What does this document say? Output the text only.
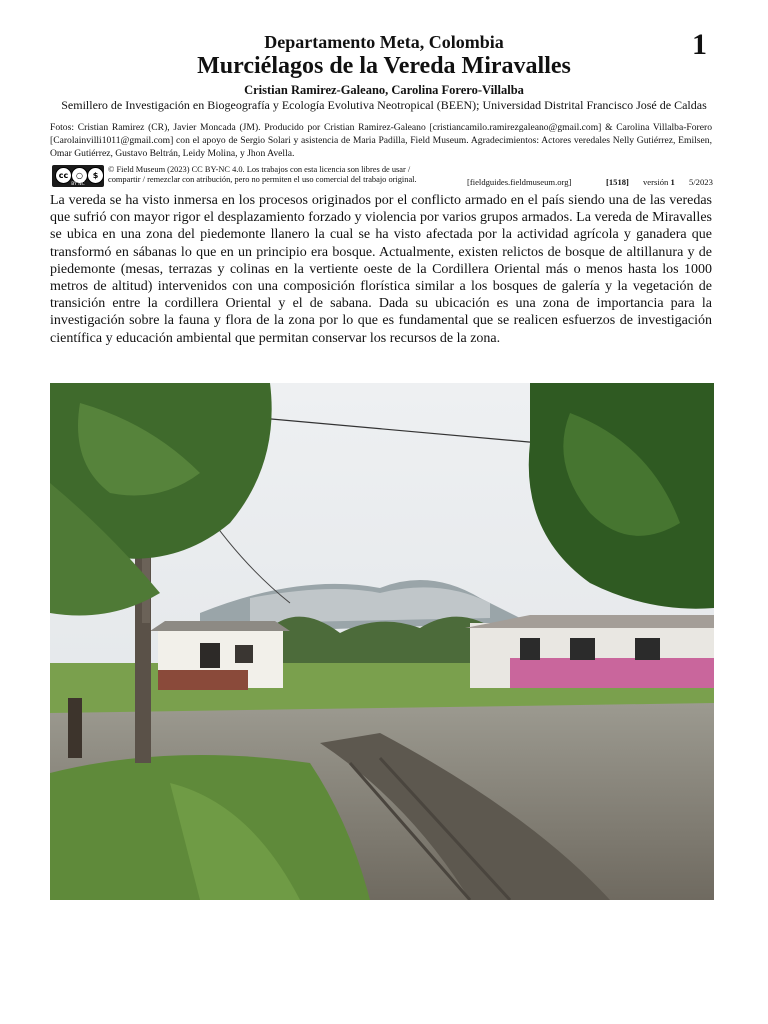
1
Departamento Meta, Colombia
Murciélagos de la Vereda Miravalles
Cristian Ramirez-Galeano, Carolina Forero-Villalba
Semillero de Investigación en Biogeografía y Ecología Evolutiva Neotropical (BEEN); Universidad Distrital Francisco José de Caldas
Fotos: Cristian Ramirez (CR), Javier Moncada (JM). Producido por Cristian Ramirez-Galeano [cristiancamilo.ramirezgaleano@gmail.com] & Carolina Villalba-Forero [Carolainvilli1011@gmail.com] con el apoyo de Sergio Solari y asistencia de Maria Padilla, Field Museum. Agradecimientos: Actores veredales Nelly Gutiérrez, Emilsen, Omar Gutiérrez, Gustavo Beltrán, Leidy Molina, y Jhon Avella.
cc ○	$
BY NC
© Field Museum (2023) CC BY-NC 4.0. Los trabajos con esta licencia son libres de usar /
compartir / remezclar con atribución, pero no permiten el uso comercial del trabajo original.	[fieldguides.fieldmuseum.org]	[1518] versión 1 5/2023
La vereda se ha visto inmersa en los procesos originados por el conflicto armado en el país siendo una de las veredas que sufrió con mayor rigor el desplazamiento forzado y violencia por varios grupos armados. La vereda de Miravalles se ubica en una zona del piedemonte llanero la cual se ha visto afectada por la actividad agrícola y ganadera que transformó en sábanas lo que en un principio era bosque. Actualmente, existen relictos de bosque de altillanura y de piedemonte (mesas, terrazas y colinas en la vertiente oeste de la Cordillera Oriental más o menos hasta los 1000 metros de altitud) intervenidos con una composición florística similar a los bosques de galería y la vegetación de transición entre la cordillera Oriental y el de sabana. Dada su ubicación es una zona de importancia para la investigación sobre la fauna y flora de la zona por lo que es fundamental que se realicen esfuerzos de investigación científica y educación ambiental que permitan conservar los recursos de la zona.
